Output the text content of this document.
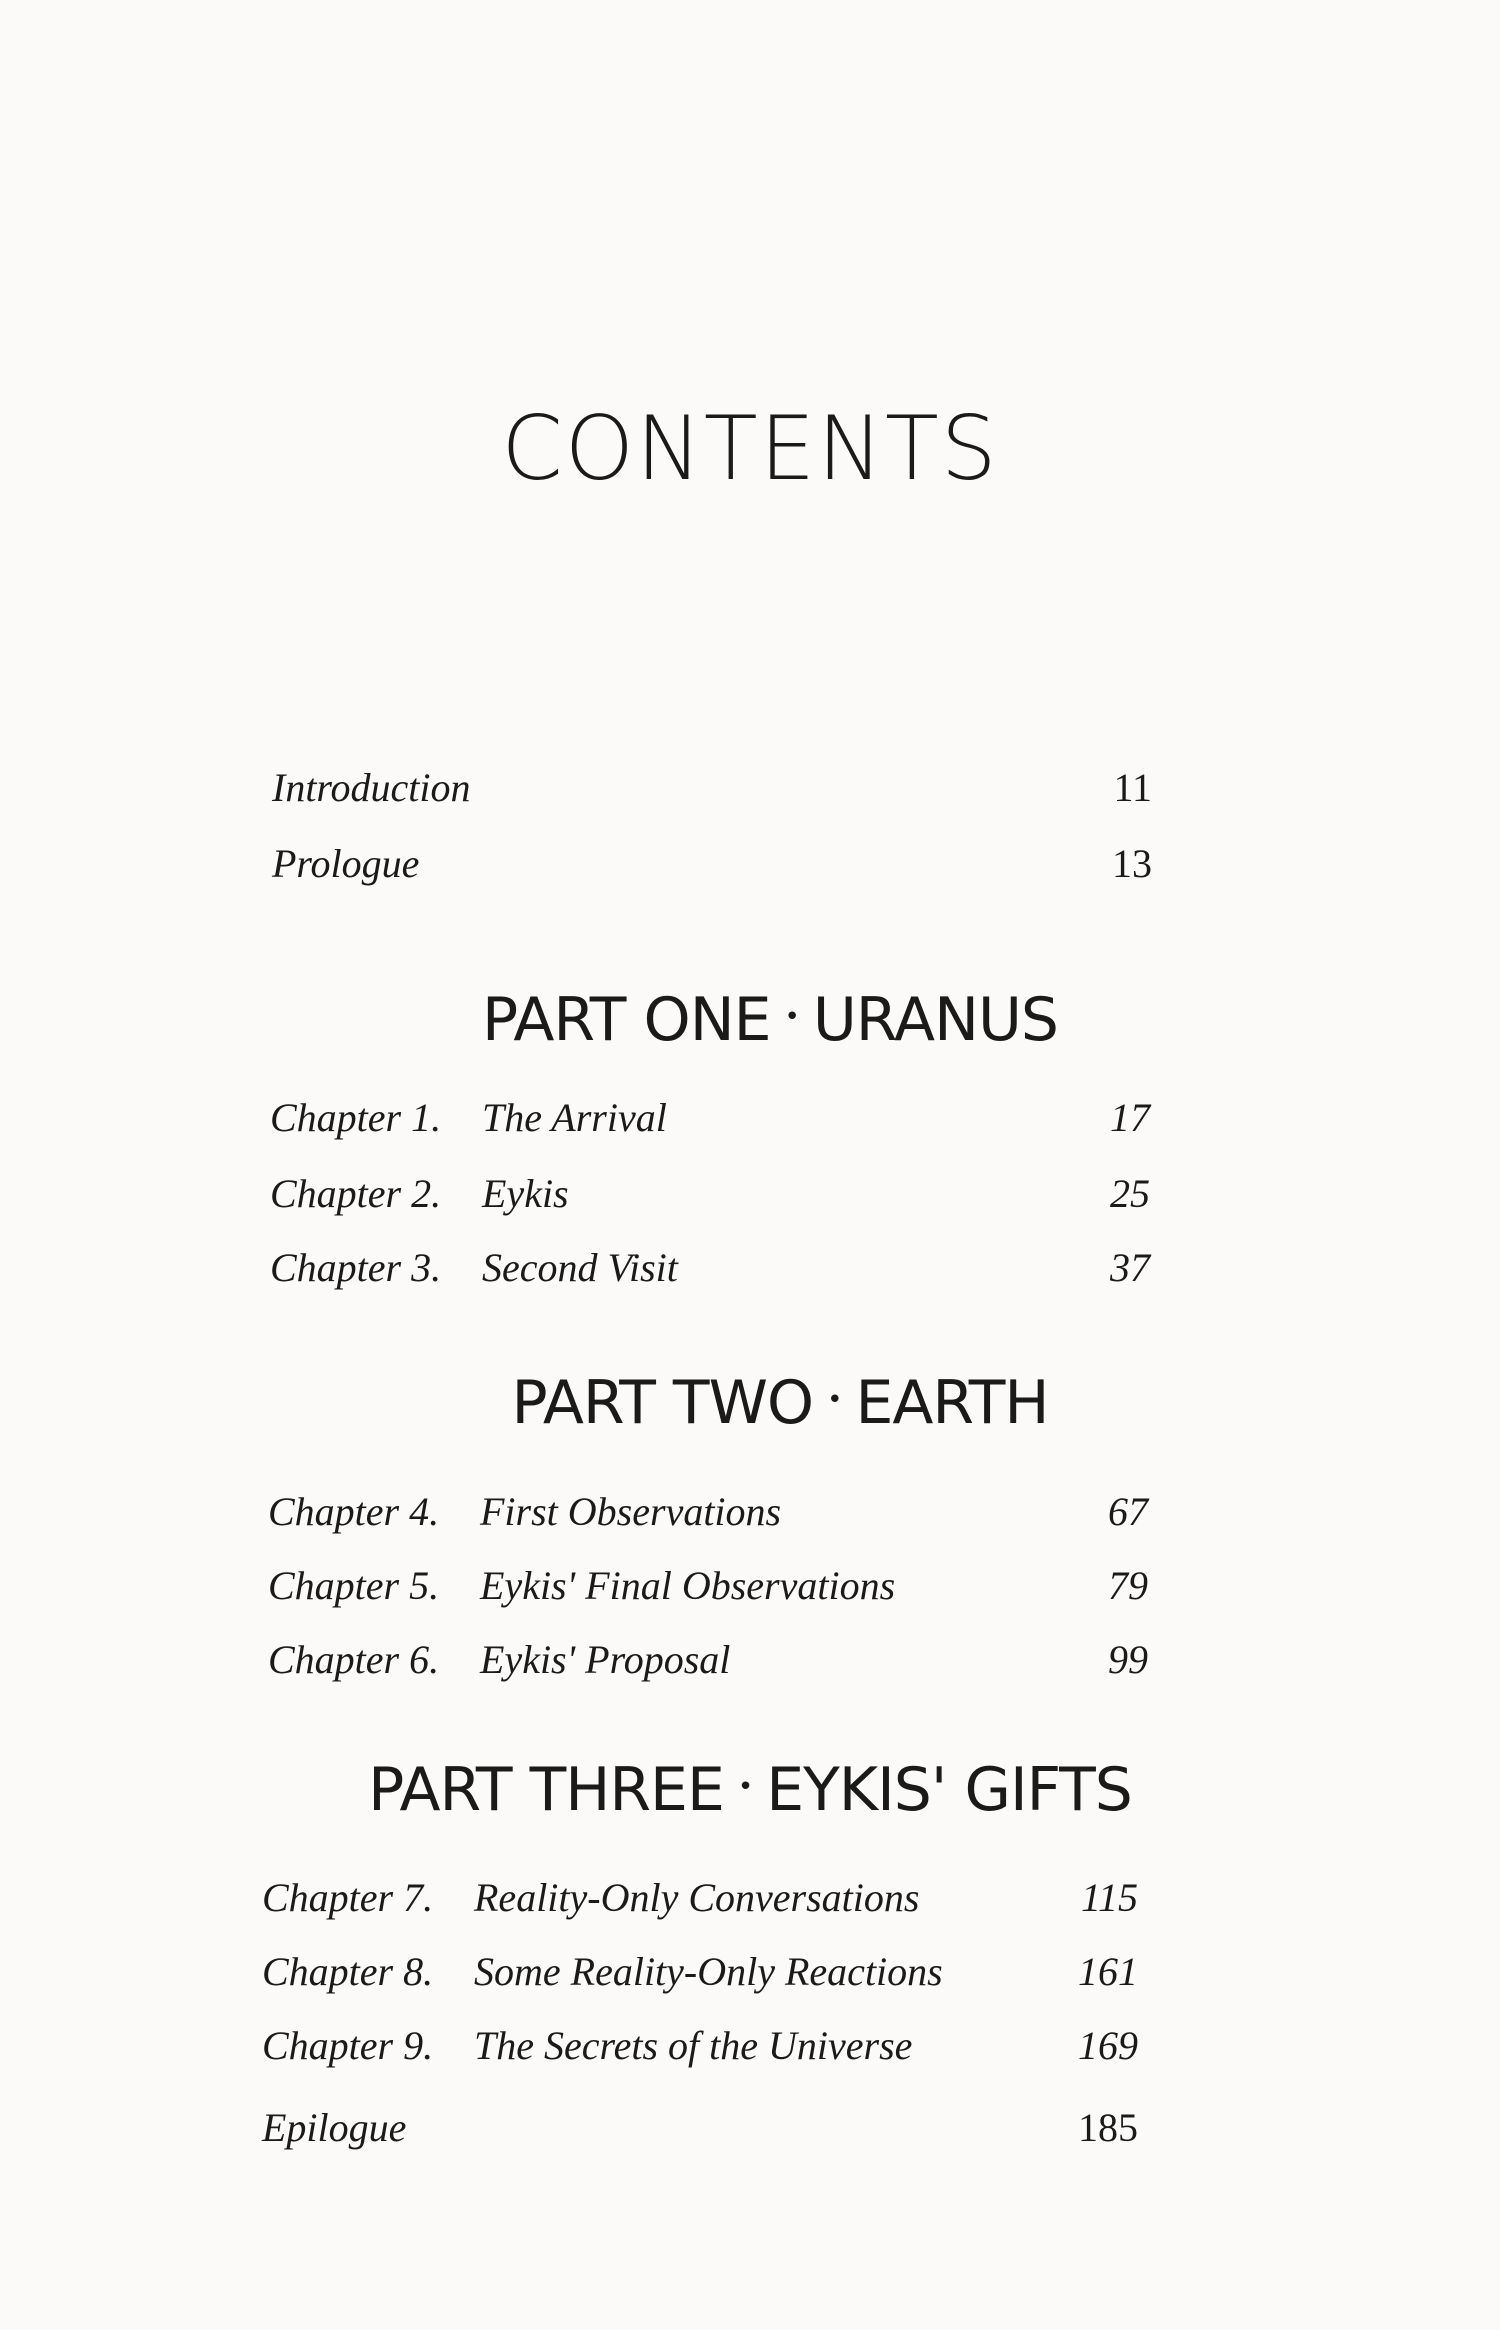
CONTENTS
Introduction	11
Prologue	13
PART ONE • URANUS
Chapter 1. The Arrival	17
Chapter 2. Eykis	25
Chapter 3. Second Visit	37
PART TWO • EARTH
Chapter 4. First Observations	67
Chapter 5. Eykis' Final Observations	79
Chapter 6. Eykis' Proposal	99
PART THREE • EYKIS' GIFTS
Chapter 7. Reality-Only Conversations	115
Chapter 8. Some Reality-Only Reactions	161
Chapter 9. The Secrets of the Universe	169
Epilogue	185
